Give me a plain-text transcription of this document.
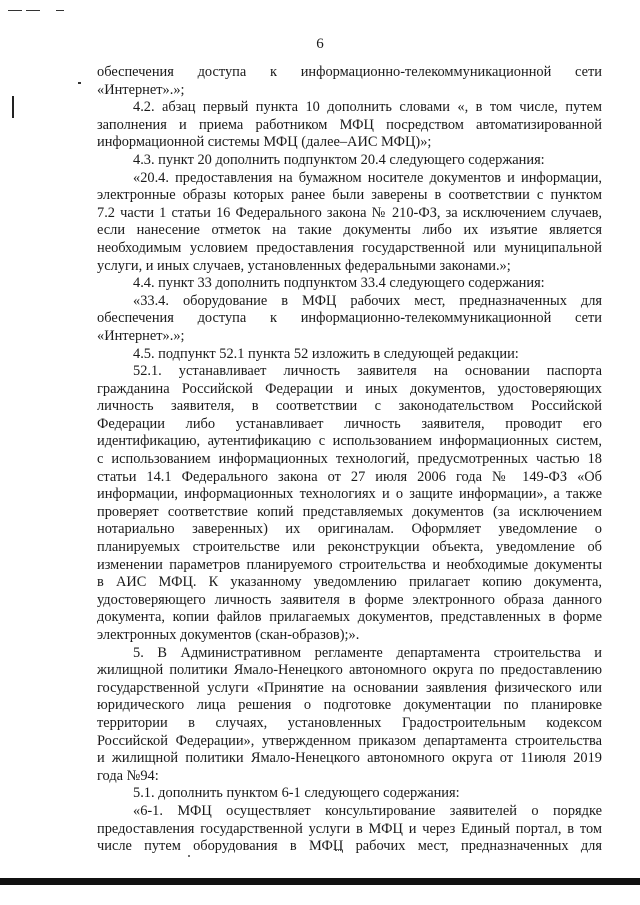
6

обеспечения доступа к информационно-телекоммуникационной сети

«Интернет».»;

4.2. абзац первый пункта 10 дополнить словами «, в том числе, путем

заполнения и приема работником МФЦ посредством автоматизированной

информационной системы МФЦ (далее–АИС МФЦ)»;

4.3. пункт 20 дополнить подпунктом 20.4 следующего содержания:

«20.4. предоставления на бумажном носителе документов и информации,

электронные образы которых ранее были заверены в соответствии с пунктом

7.2 части 1 статьи 16 Федерального закона № 210-ФЗ, за исключением случаев,

если нанесение отметок на такие документы либо их изъятие является

необходимым условием предоставления государственной или муниципальной

услуги, и иных случаев, установленных федеральными законами.»;

4.4. пункт 33 дополнить подпунктом 33.4 следующего содержания:

«33.4. оборудование в МФЦ рабочих мест, предназначенных для

обеспечения доступа к информационно-телекоммуникационной сети

«Интернет».»;

4.5. подпункт 52.1 пункта 52 изложить в следующей редакции:

52.1. устанавливает личность заявителя на основании паспорта

гражданина Российской Федерации и иных документов, удостоверяющих

личность заявителя, в соответствии с законодательством Российской

Федерации либо устанавливает личность заявителя, проводит его

идентификацию, аутентификацию с использованием информационных систем,

с использованием информационных технологий, предусмотренных частью 18

статьи 14.1 Федерального закона от 27 июля 2006 года № 149-ФЗ «Об

информации, информационных технологиях и о защите информации», а также

проверяет соответствие копий представляемых документов (за исключением

нотариально заверенных) их оригиналам. Оформляет уведомление о

планируемых строительстве или реконструкции объекта, уведомление об

изменении параметров планируемого строительства и необходимые документы

в АИС МФЦ. К указанному уведомлению прилагает копию документа,

удостоверяющего личность заявителя в форме электронного образа данного

документа, копии файлов прилагаемых документов, представленных в форме

электронных документов (скан-образов);».

5. В Административном регламенте департамента строительства и

жилищной политики Ямало-Ненецкого автономного округа по предоставлению

государственной услуги «Принятие на основании заявления физического или

юридического лица решения о подготовке документации по планировке

территории в случаях, установленных Градостроительным кодексом

Российской Федерации», утвержденном приказом департамента строительства

и жилищной политики Ямало-Ненецкого автономного округа от 11июля 2019

года №94:

5.1. дополнить пунктом 6-1 следующего содержания:

«6-1. МФЦ осуществляет консультирование заявителей о порядке

предоставления государственной услуги в МФЦ и через Единый портал, в том

числе путем оборудования в МФЦ рабочих мест, предназначенных для
